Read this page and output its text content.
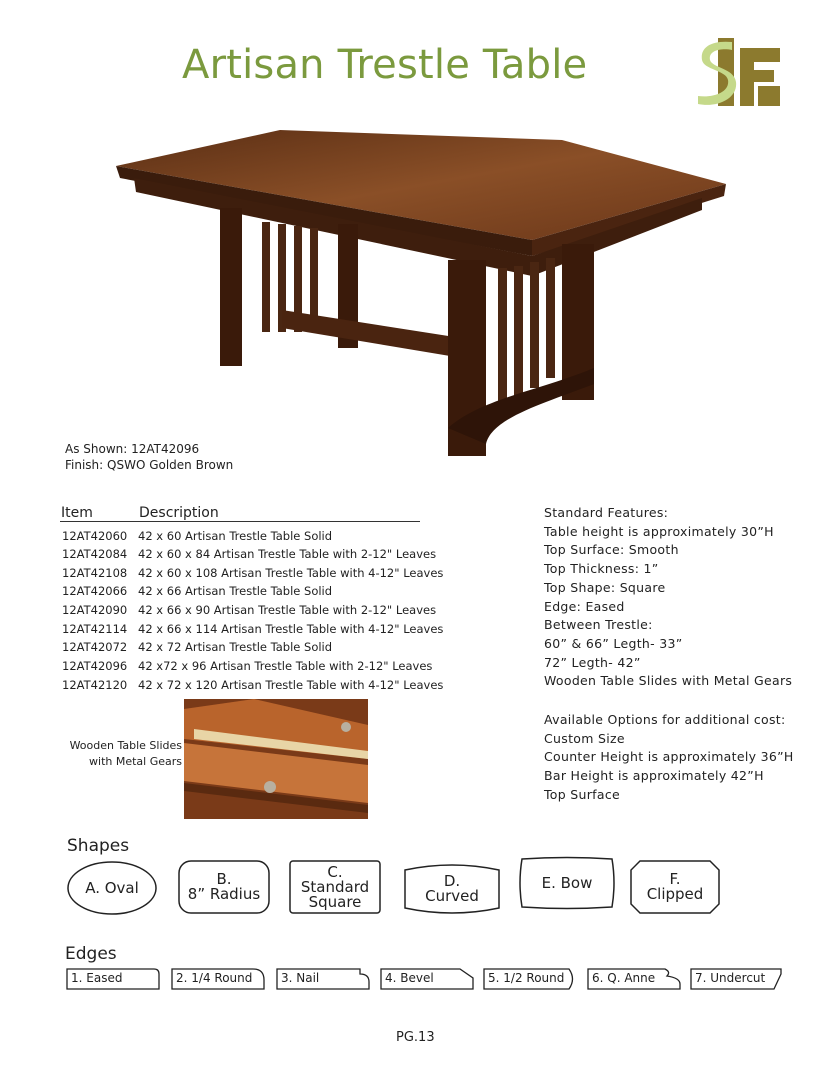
Artisan Trestle Table
As Shown: 12AT42096
Finish: QSWO Golden Brown
Item	Description
12AT42060 42 x 60 Artisan Trestle Table Solid
12AT42084 42 x 60 x 84 Artisan Trestle Table with 2-12" Leaves
12AT42108 42 x 60 x 108 Artisan Trestle Table with 4-12" Leaves
12AT42066 42 x 66 Artisan Trestle Table Solid
12AT42090 42 x 66 x 90 Artisan Trestle Table with 2-12" Leaves
12AT42114 42 x 66 x 114 Artisan Trestle Table with 4-12" Leaves
12AT42072 42 x 72 Artisan Trestle Table Solid
12AT42096 42 x72 x 96 Artisan Trestle Table with 2-12" Leaves
12AT42120 42 x 72 x 120 Artisan Trestle Table with 4-12" Leaves
Standard Features:
Table height is approximately 30”H
Top Surface: Smooth
Top Thickness: 1”
Top Shape: Square
Edge: Eased
Between Trestle:
60” & 66” Legth- 33”
72” Legth- 42”
Wooden Table Slides with Metal Gears
Available Options for additional cost:
Custom Size
Counter Height is approximately 36”H
Bar Height is approximately 42”H
Top Surface
Wooden Table Slides
with Metal Gears
Shapes
A. Oval	B.
8” Radius
C.
Standard
Square
D.
Curved
E. Bow	F.
Clipped
Edges
1. Eased	2. 1/4 Round 3. Nail	4. Bevel	5. 1/2 Round 6. Q. Anne	7. Undercut
PG.13
